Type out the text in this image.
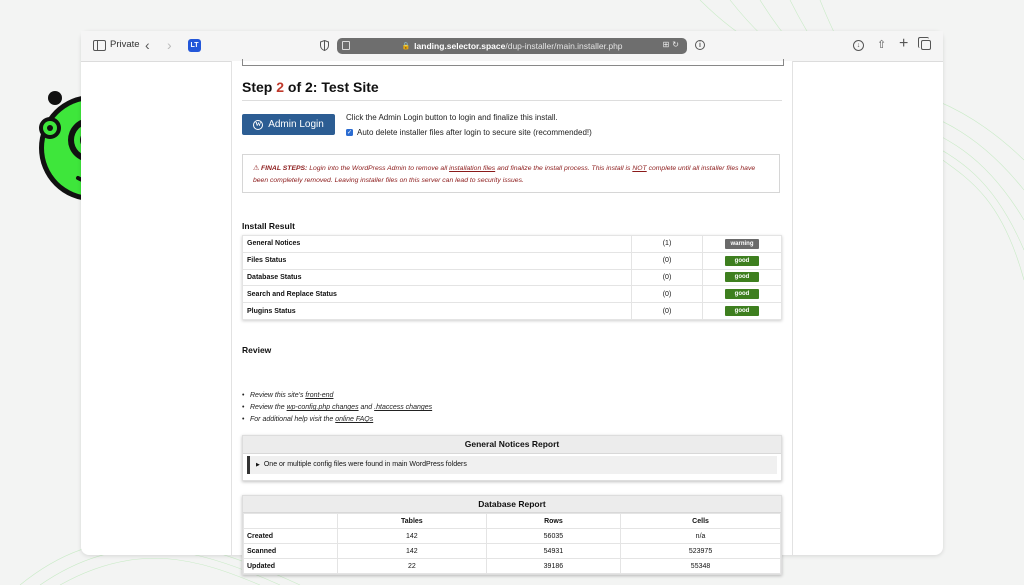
Private ‹ ›	LT	🔒 landing.selector.space /dup-installer/main.installer.php	⊞↻	i	↓	⇧ +
Step 2 of 2: Test Site
W Admin Login
Click the Admin Login button to login and finalize this install.
✓ Auto delete installer files after login to secure site (recommended!)
⚠ FINAL STEPS: Login into the WordPress Admin to remove all installation files and finalize the install process. This install is NOT complete until all installer files have been completely removed. Leaving installer files on this server can lead to security issues.
Install Result
General Notices	(1)	warning
Files Status	(0)	good
Database Status	(0)	good
Search and Replace Status	(0)	good
Plugins Status	(0)	good
Review
• Review this site's front-end
• Review the wp-config.php changes and .htaccess changes
• For additional help visit the online FAQs
General Notices Report
▶ One or multiple config files were found in main WordPress folders
Database Report
	Tables	Rows	Cells
Created	142	56035	n/a
Scanned	142	54931	523975
Updated	22	39186	55348
